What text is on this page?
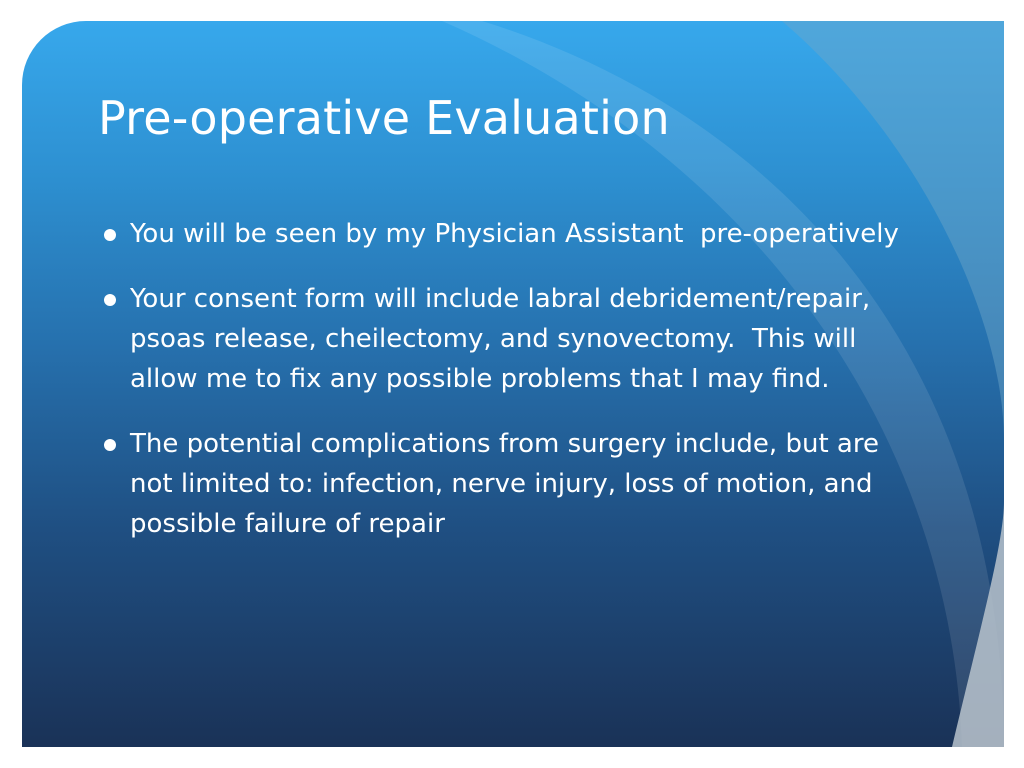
Pre-operative Evaluation
You will be seen by my Physician Assistant  pre-operatively
Your consent form will include labral debridement/repair, psoas release, cheilectomy, and synovectomy.  This will allow me to fix any possible problems that I may find.
The potential complications from surgery include, but are not limited to: infection, nerve injury, loss of motion, and possible failure of repair
